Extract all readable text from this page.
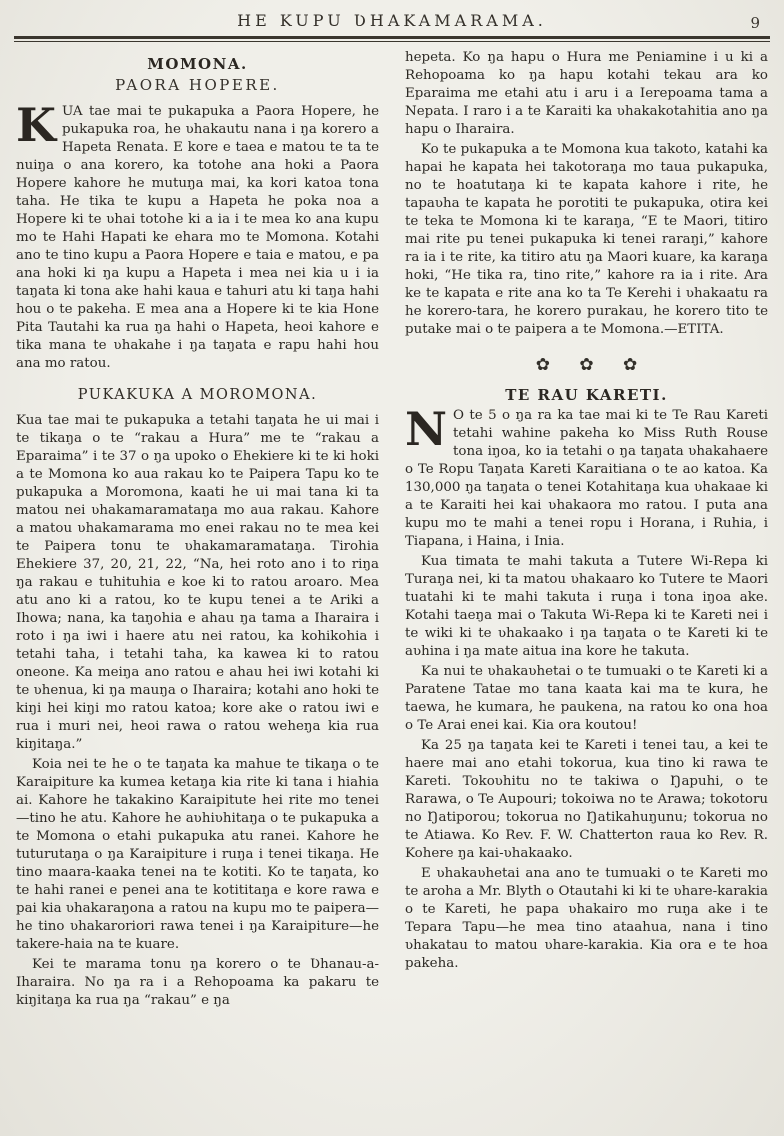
HE KUPU ƲHAKAMARAMA.	9
MOMONA.
PAORA HOPERE.

KUA tae mai te pukapuka a Paora Hopere, he pukapuka roa, he ʋhakautu nana i ŋa korero a Hapeta Renata. E kore e taea e matou te ta te nuiŋa o ana korero, ka totohe ana hoki a Paora Hopere kahore he mutuŋa mai, ka kori katoa tona taha. He tika te kupu a Hapeta he poka noa a Hopere ki te ʋhai totohe ki a ia i te mea ko ana kupu mo te Hahi Hapati ke ehara mo te Momona. Kotahi ano te tino kupu a Paora Hopere e taia e matou, e pa ana hoki ki ŋa kupu a Hapeta i mea nei kia u i ia taŋata ki tona ake hahi kaua e tahuri atu ki taŋa hahi hou o te pakeha. E mea ana a Hopere ki te kia Hone Pita Tautahi ka rua ŋa hahi o Hapeta, heoi kahore e tika mana te ʋhakahe i ŋa taŋata e rapu hahi hou ana mo ratou.

PUKAKUKA A MOROMONA.

Kua tae mai te pukapuka a tetahi taŋata he ui mai i te tikaŋa o te “rakau a Hura” me te “rakau a Eparaima” i te 37 o ŋa upoko o Ehekiere ki te ki hoki a te Momona ko aua rakau ko te Paipera Tapu ko te pukapuka a Moromona, kaati he ui mai tana ki ta matou nei ʋhakamaramataŋa mo aua rakau. Kahore a matou ʋhakamarama mo enei rakau no te mea kei te Paipera tonu te ʋhakamaramataŋa. Tirohia Ehekiere 37, 20, 21, 22, “Na, hei roto ano i to riŋa ŋa rakau e tuhituhia e koe ki to ratou aroaro. Mea atu ano ki a ratou, ko te kupu tenei a te Ariki a Ihowa; nana, ka taŋohia e ahau ŋa tama a Iharaira i roto i ŋa iwi i haere atu nei ratou, ka kohikohia i tetahi taha, i tetahi taha, ka kawea ki to ratou oneone. Ka meiŋa ano ratou e ahau hei iwi kotahi ki te ʋhenua, ki ŋa mauŋa o Iharaira; kotahi ano hoki te kiŋi hei kiŋi mo ratou katoa; kore ake o ratou iwi e rua i muri nei, heoi rawa o ratou weheŋa kia rua kiŋitaŋa.”

Koia nei te he o te taŋata ka mahue te tikaŋa o te Karaipiture ka kumea ketaŋa kia rite ki tana i hiahia ai. Kahore he takakino Karaipitute hei rite mo tenei—tino he atu. Kahore he aʋhiʋhitaŋa o te pukapuka a te Momona o etahi pukapuka atu ranei. Kahore he tuturutaŋa o ŋa Karaipiture i ruŋa i tenei tikaŋa. He tino maara-kaaka tenei na te kotiti. Ko te taŋata, ko te hahi ranei e penei ana te kotititaŋa e kore rawa e pai kia ʋhakaraŋona a ratou na kupu mo te paipera—he tino ʋhakaroriori rawa tenei i ŋa Karaipiture—he takere-haia na te kuare.

Kei te marama tonu ŋa korero o te Ʋhanau-a-Iharaira. No ŋa ra i a Rehopoama ka pakaru te kiŋitaŋa ka rua ŋa “rakau” e ŋa

hepeta. Ko ŋa hapu o Hura me Peniamine i u ki a Rehopoama ko ŋa hapu kotahi tekau ara ko Eparaima me etahi atu i aru i a Ierepoama tama a Nepata. I raro i a te Karaiti ka ʋhakakotahitia ano ŋa hapu o Iharaira.

Ko te pukapuka a te Momona kua takoto, katahi ka hapai he kapata hei takotoraŋa mo taua pukapuka, no te hoatutaŋa ki te kapata kahore i rite, he tapaʋha te kapata he porotiti te pukapuka, otira kei te teka te Momona ki te karaŋa, “E te Maori, titiro mai rite pu tenei pukapuka ki tenei raraŋi,” kahore ra ia i te rite, ka titiro atu ŋa Maori kuare, ka karaŋa hoki, “He tika ra, tino rite,” kahore ra ia i rite. Ara ke te kapata e rite ana ko ta Te Kerehi i ʋhakaatu ra he korero-tara, he korero purakau, he korero tito te putake mai o te paipera a te Momona.—ETITA.

✿ ✿ ✿
TE RAU KARETI.

N O te 5 o ŋa ra ka tae mai ki te Te Rau Kareti tetahi wahine pakeha ko Miss Ruth Rouse tona iŋoa, ko ia tetahi o ŋa taŋata ʋhakahaere o Te Ropu Taŋata Kareti Karaitiana o te ao katoa. Ka 130,000 ŋa taŋata o tenei Kotahitaŋa kua ʋhakaae ki a te Karaiti hei kai ʋhakaora mo ratou. I puta ana kupu mo te mahi a tenei ropu i Horana, i Ruhia, i Tiapana, i Haina, i Inia.

Kua timata te mahi takuta a Tutere Wi-Repa ki Turaŋa nei, ki ta matou ʋhakaaro ko Tutere te Maori tuatahi ki te mahi takuta i ruŋa i tona iŋoa ake. Kotahi taeŋa mai o Takuta Wi-Repa ki te Kareti nei i te wiki ki te ʋhakaako i ŋa taŋata o te Kareti ki te aʋhina i ŋa mate aitua ina kore he takuta.

Ka nui te ʋhakaʋhetai o te tumuaki o te Kareti ki a Paratene Tatae mo tana kaata kai ma te kura, he taewa, he kumara, he paukena, na ratou ko ona hoa o Te Arai enei kai. Kia ora koutou!

Ka 25 ŋa taŋata kei te Kareti i tenei tau, a kei te haere mai ano etahi tokorua, kua tino ki rawa te Kareti. Tokoʋhitu no te takiwa o Ŋapuhi, o te Rarawa, o Te Aupouri; tokoiwa no te Arawa; tokotoru no Ŋatiporou; tokorua no Ŋatikahuŋunu; tokorua no te Atiawa. Ko Rev. F. W. Chatterton raua ko Rev. R. Kohere ŋa kai-ʋhakaako.

E ʋhakaʋhetai ana ano te tumuaki o te Kareti mo te aroha a Mr. Blyth o Otautahi ki ki te ʋhare-karakia o te Kareti, he papa ʋhakairo mo ruŋa ake i te Tepara Tapu—he mea tino ataahua, nana i tino ʋhakatau to matou ʋhare-karakia. Kia ora e te hoa pakeha.
